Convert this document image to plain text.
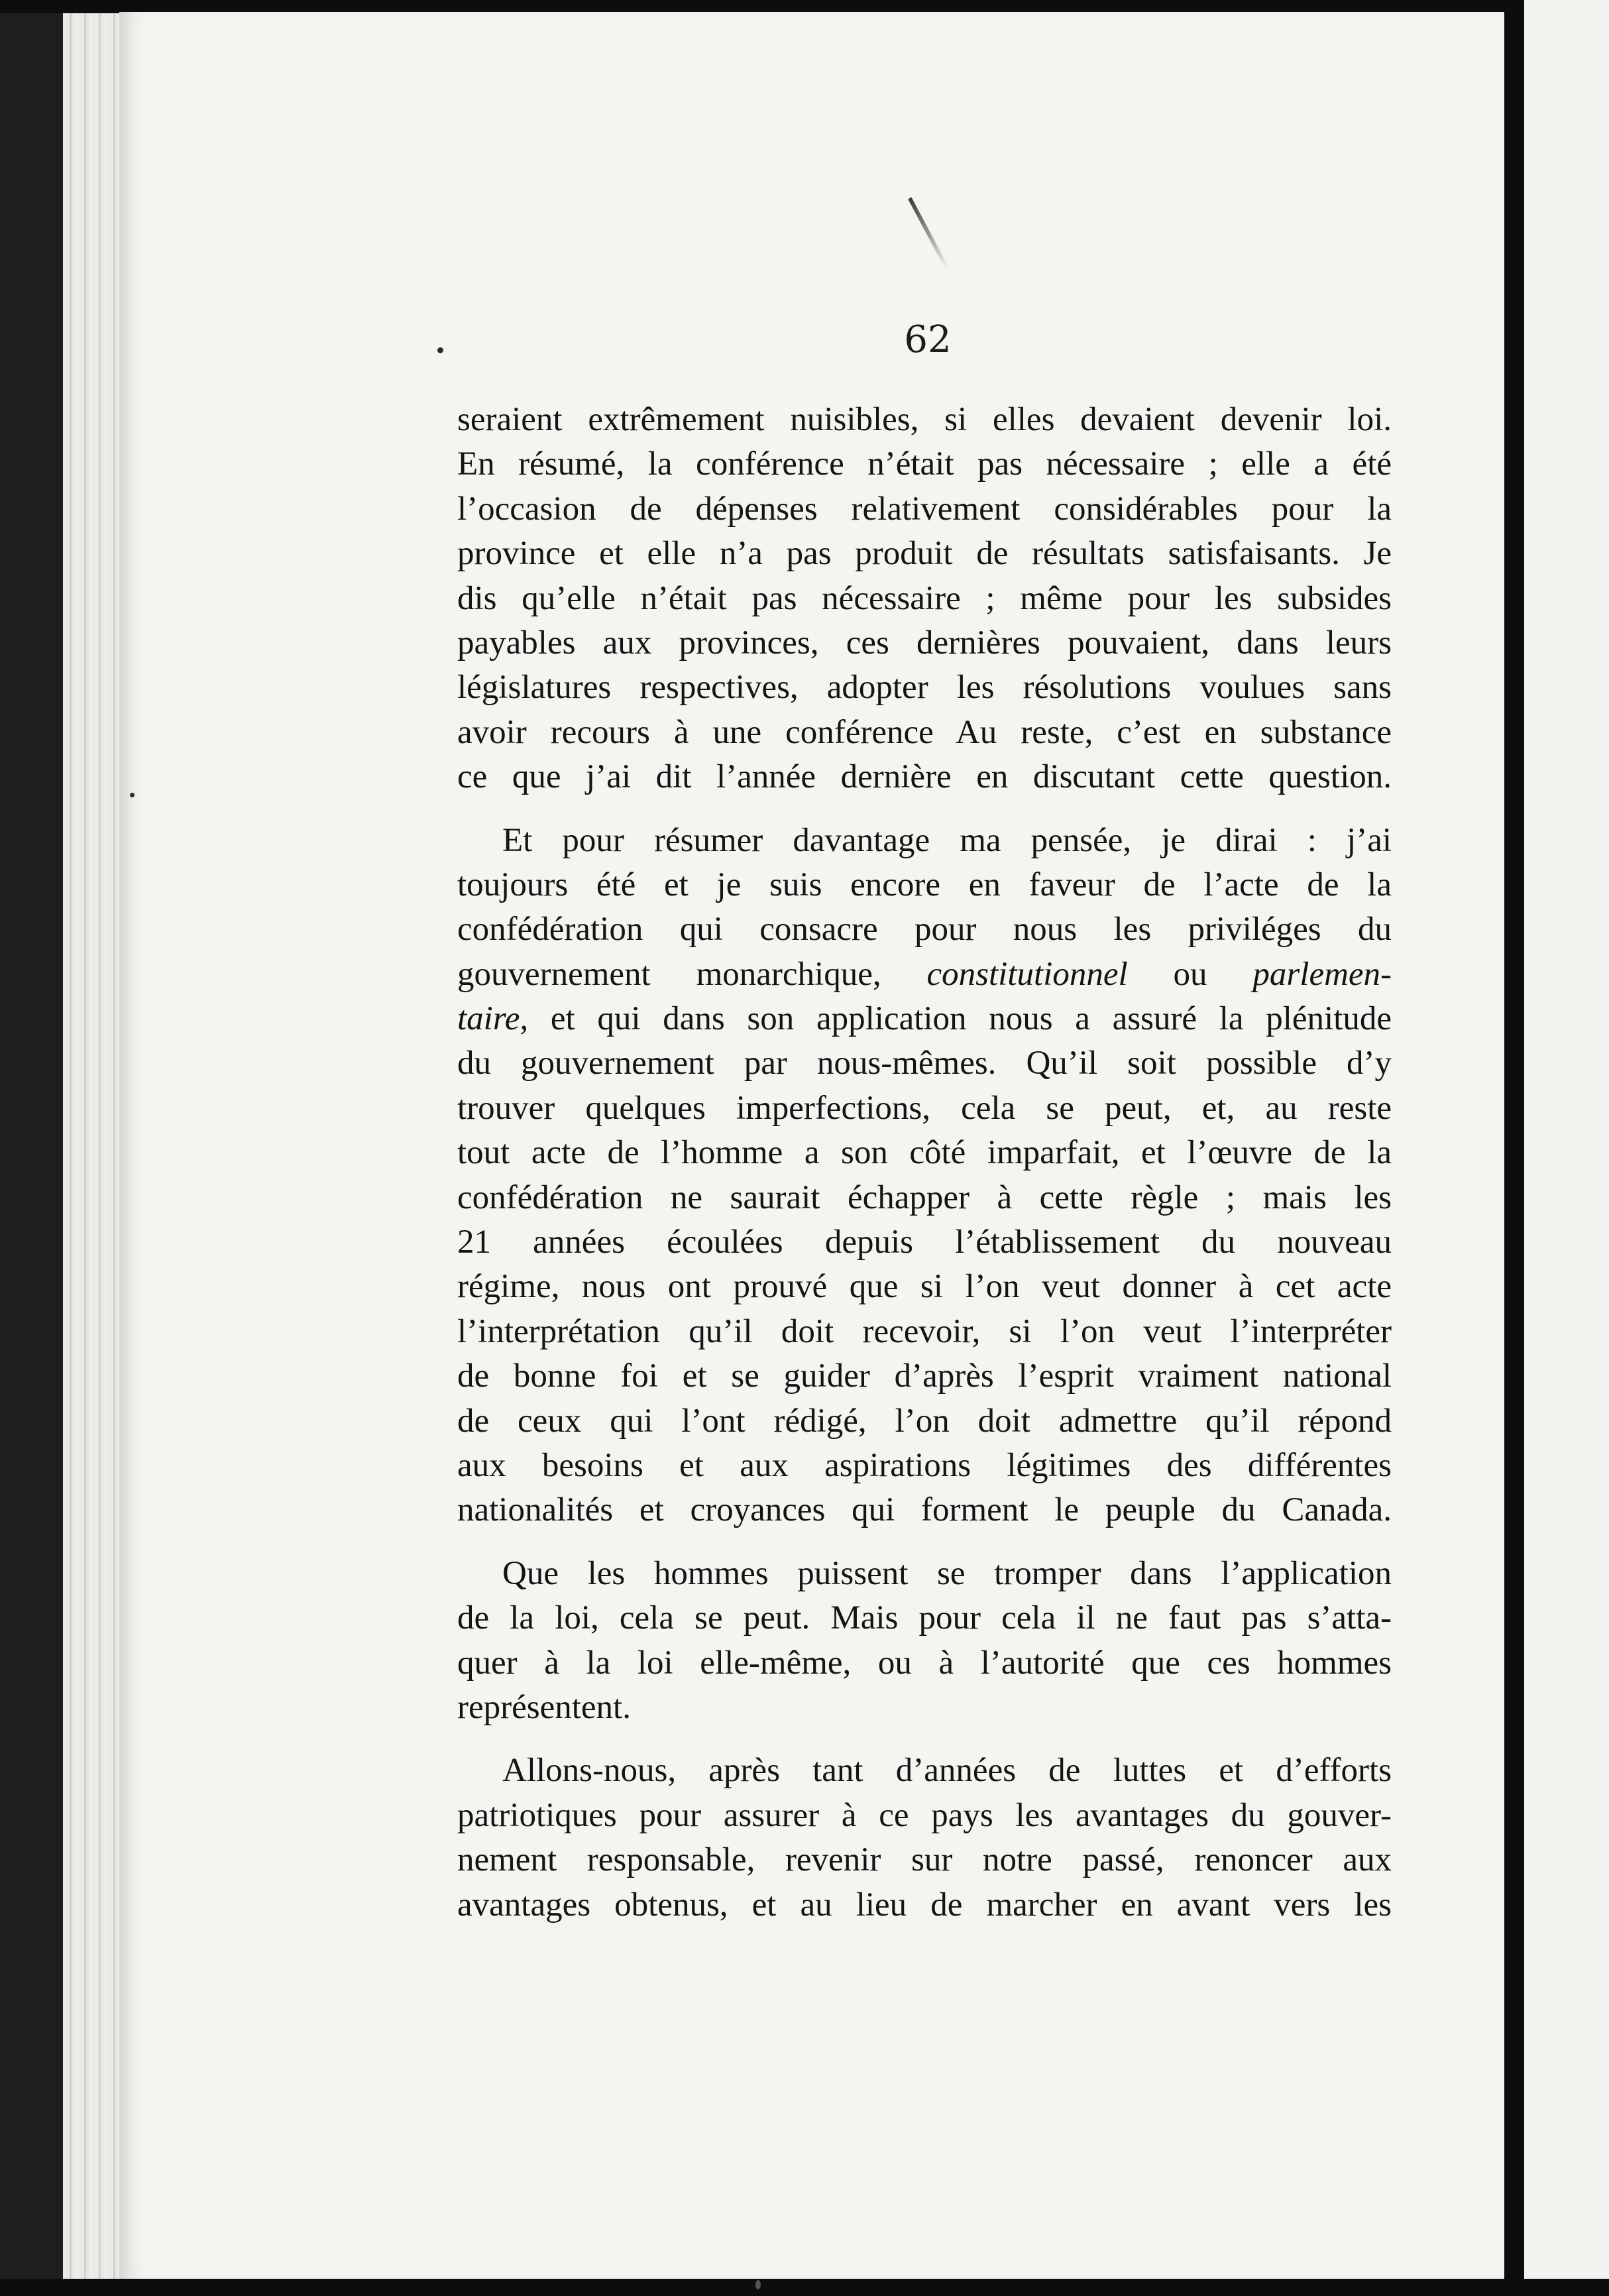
62
seraient extrêmement nuisibles, si elles devaient devenir loi.
En résumé, la conférence n’était pas nécessaire ; elle a été
l’occasion de dépenses relativement considérables pour la
province et elle n’a pas produit de résultats satisfaisants. Je
dis qu’elle n’était pas nécessaire ; même pour les subsides
payables aux provinces, ces dernières pouvaient, dans leurs
législatures respectives, adopter les résolutions voulues sans
avoir recours à une conférence Au reste, c’est en substance
ce que j’ai dit l’année dernière en discutant cette question.
Et pour résumer davantage ma pensée, je dirai : j’ai
toujours été et je suis encore en faveur de l’acte de la
confédération qui consacre pour nous les priviléges du
gouvernement monarchique, constitutionnel ou parlemen-
taire, et qui dans son application nous a assuré la plénitude
du gouvernement par nous-mêmes. Qu’il soit possible d’y
trouver quelques imperfections, cela se peut, et, au reste
tout acte de l’homme a son côté imparfait, et l’œuvre de la
confédération ne saurait échapper à cette règle ; mais les
21 années écoulées depuis l’établissement du nouveau
régime, nous ont prouvé que si l’on veut donner à cet acte
l’interprétation qu’il doit recevoir, si l’on veut l’interpréter
de bonne foi et se guider d’après l’esprit vraiment national
de ceux qui l’ont rédigé, l’on doit admettre qu’il répond
aux besoins et aux aspirations légitimes des différentes
nationalités et croyances qui forment le peuple du Canada.
Que les hommes puissent se tromper dans l’application
de la loi, cela se peut. Mais pour cela il ne faut pas s’atta-
quer à la loi elle-même, ou à l’autorité que ces hommes
représentent.
Allons-nous, après tant d’années de luttes et d’efforts
patriotiques pour assurer à ce pays les avantages du gouver-
nement responsable, revenir sur notre passé, renoncer aux
avantages obtenus, et au lieu de marcher en avant vers les
